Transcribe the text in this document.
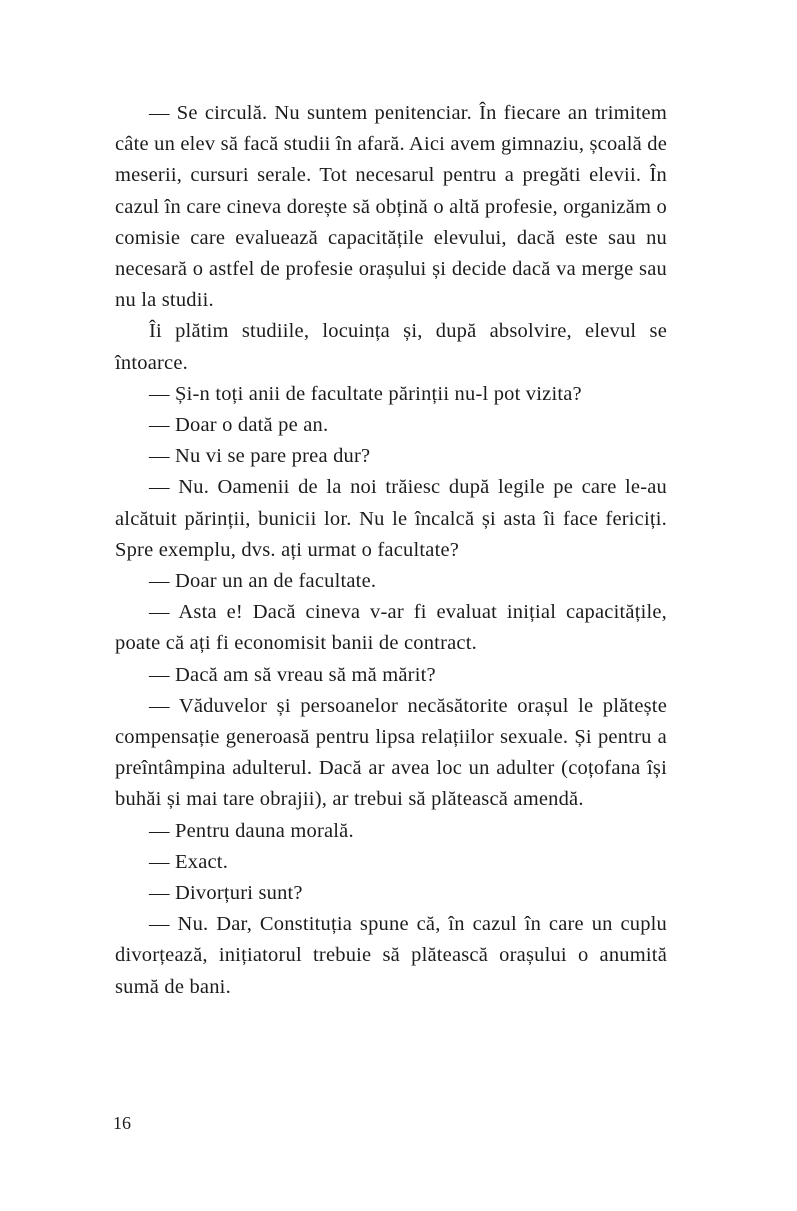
— Se circulă. Nu suntem penitenciar. În fiecare an trimitem câte un elev să facă studii în afară. Aici avem gimnaziu, școală de meserii, cursuri serale. Tot necesarul pentru a pregăti elevii. În cazul în care cineva dorește să obțină o altă profesie, organizăm o comisie care evaluează capacitățile elevului, dacă este sau nu necesară o astfel de profesie orașului și decide dacă va merge sau nu la studii.

Îi plătim studiile, locuința și, după absolvire, elevul se întoarce.

— Și-n toți anii de facultate părinții nu-l pot vizita?

— Doar o dată pe an.

— Nu vi se pare prea dur?

— Nu. Oamenii de la noi trăiesc după legile pe care le-au alcătuit părinții, bunicii lor. Nu le încalcă și asta îi face fericiți. Spre exemplu, dvs. ați urmat o facultate?

— Doar un an de facultate.

— Asta e! Dacă cineva v-ar fi evaluat inițial capacitățile, poate că ați fi economisit banii de contract.

— Dacă am să vreau să mă mărit?

— Văduvelor și persoanelor necăsătorite orașul le plătește compensație generoasă pentru lipsa relațiilor sexuale. Și pentru a preîntâmpina adulterul. Dacă ar avea loc un adulter (coțofana își buhăi și mai tare obrajii), ar trebui să plătească amendă.

— Pentru dauna morală.

— Exact.

— Divorțuri sunt?

— Nu. Dar, Constituția spune că, în cazul în care un cuplu divorțează, inițiatorul trebuie să plătească orașului o anumită sumă de bani.

16
